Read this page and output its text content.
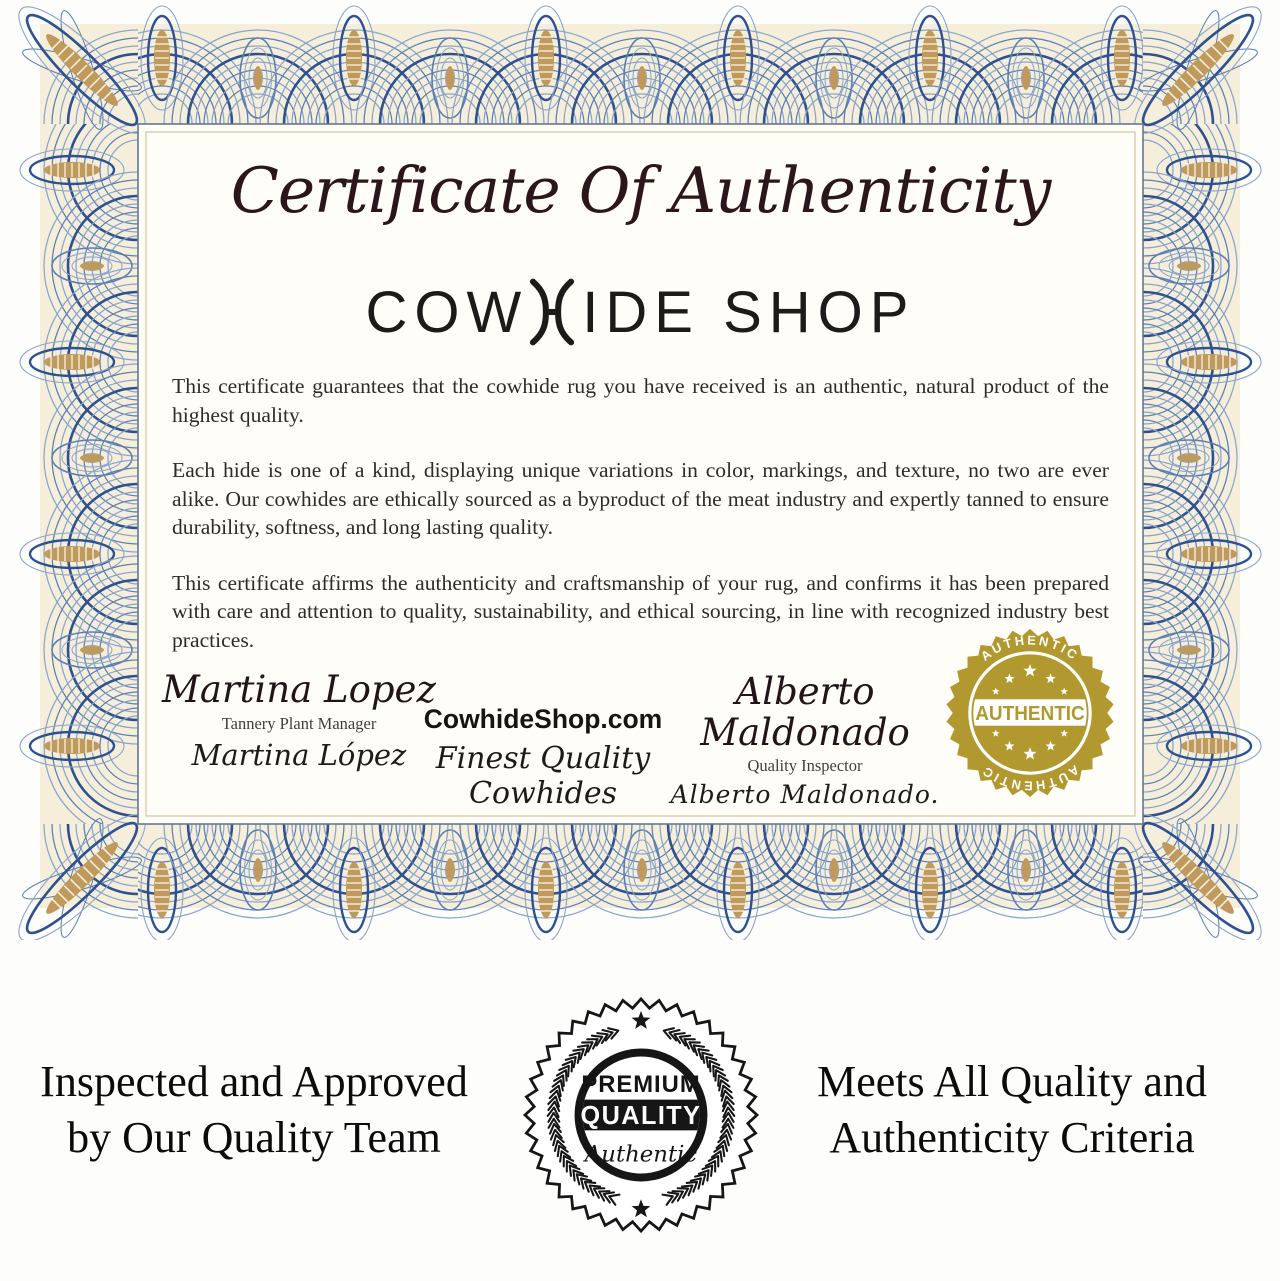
Certificate Of Authenticity
COW IDE SHOP

This certificate guarantees that the cowhide rug you have received is an authentic, natural product of the highest quality.

Each hide is one of a kind, displaying unique variations in color, markings, and texture, no two are ever alike. Our cowhides are ethically sourced as a byproduct of the meat industry and expertly tanned to ensure durability, softness, and long lasting quality.

This certificate affirms the authenticity and craftsmanship of your rug, and confirms it has been prepared with care and attention to quality, sustainability, and ethical sourcing, in line with recognized industry best practices.

Martina Lopez
Tannery Plant Manager
Martina López
CowhideShop.com
Finest Quality Cowhides
Alberto Maldonado
Quality Inspector
Alberto Maldonado.
AUTHENTIC
AUTHENTIC
AUTHENTIC
Inspected and Approved
by Our Quality Team
PREMIUM
QUALITY
Authentic
Meets All Quality and
Authenticity Criteria
